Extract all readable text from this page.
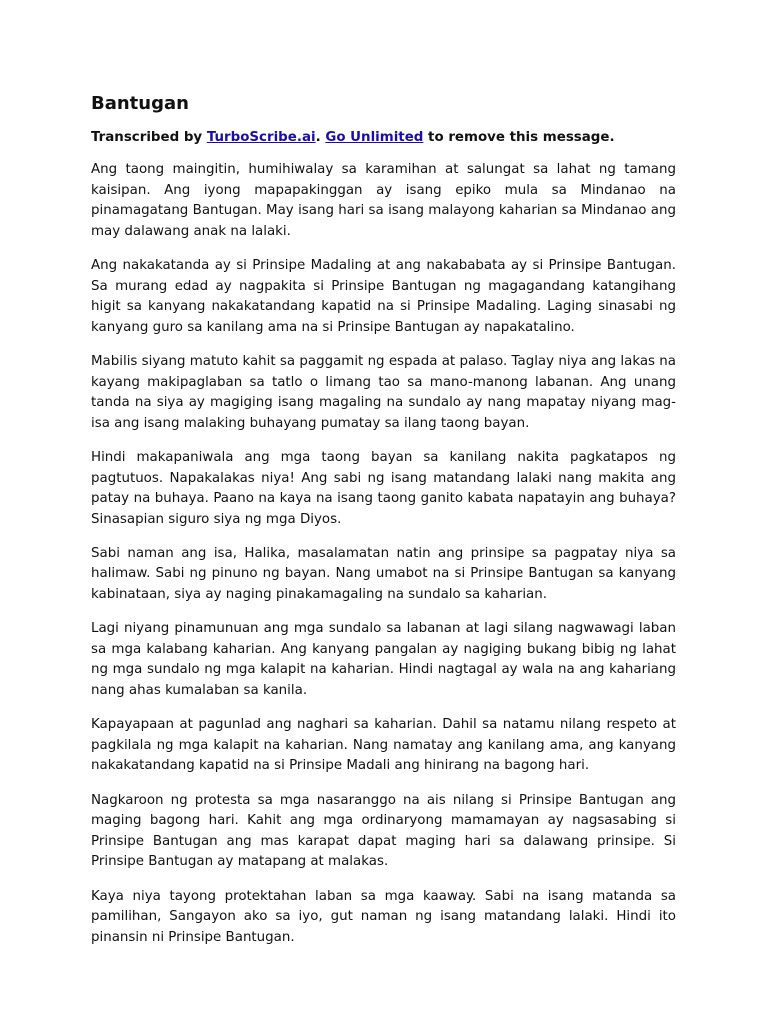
Bantugan
Transcribed by TurboScribe.ai. Go Unlimited to remove this message.

Ang taong maingitin, humihiwalay sa karamihan at salungat sa lahat ng tamang kaisipan. Ang iyong mapapakinggan ay isang epiko mula sa Mindanao na pinamagatang Bantugan. May isang hari sa isang malayong kaharian sa Mindanao ang may dalawang anak na lalaki.

Ang nakakatanda ay si Prinsipe Madaling at ang nakababata ay si Prinsipe Bantugan. Sa murang edad ay nagpakita si Prinsipe Bantugan ng magagandang katangihang higit sa kanyang nakakatandang kapatid na si Prinsipe Madaling. Laging sinasabi ng kanyang guro sa kanilang ama na si Prinsipe Bantugan ay napakatalino.

Mabilis siyang matuto kahit sa paggamit ng espada at palaso. Taglay niya ang lakas na kayang makipaglaban sa tatlo o limang tao sa mano-manong labanan. Ang unang tanda na siya ay magiging isang magaling na sundalo ay nang mapatay niyang mag-isa ang isang malaking buhayang pumatay sa ilang taong bayan.

Hindi makapaniwala ang mga taong bayan sa kanilang nakita pagkatapos ng pagtutuos. Napakalakas niya! Ang sabi ng isang matandang lalaki nang makita ang patay na buhaya. Paano na kaya na isang taong ganito kabata napatayin ang buhaya? Sinasapian siguro siya ng mga Diyos.

Sabi naman ang isa, Halika, masalamatan natin ang prinsipe sa pagpatay niya sa halimaw. Sabi ng pinuno ng bayan. Nang umabot na si Prinsipe Bantugan sa kanyang kabinataan, siya ay naging pinakamagaling na sundalo sa kaharian.

Lagi niyang pinamunuan ang mga sundalo sa labanan at lagi silang nagwawagi laban sa mga kalabang kaharian. Ang kanyang pangalan ay nagiging bukang bibig ng lahat ng mga sundalo ng mga kalapit na kaharian. Hindi nagtagal ay wala na ang kahariang nang ahas kumalaban sa kanila.

Kapayapaan at pagunlad ang naghari sa kaharian. Dahil sa natamu nilang respeto at pagkilala ng mga kalapit na kaharian. Nang namatay ang kanilang ama, ang kanyang nakakatandang kapatid na si Prinsipe Madali ang hinirang na bagong hari.

Nagkaroon ng protesta sa mga nasaranggo na ais nilang si Prinsipe Bantugan ang maging bagong hari. Kahit ang mga ordinaryong mamamayan ay nagsasabing si Prinsipe Bantugan ang mas karapat dapat maging hari sa dalawang prinsipe. Si Prinsipe Bantugan ay matapang at malakas.

Kaya niya tayong protektahan laban sa mga kaaway. Sabi na isang matanda sa pamilihan, Sangayon ako sa iyo, gut naman ng isang matandang lalaki. Hindi ito pinansin ni Prinsipe Bantugan.
